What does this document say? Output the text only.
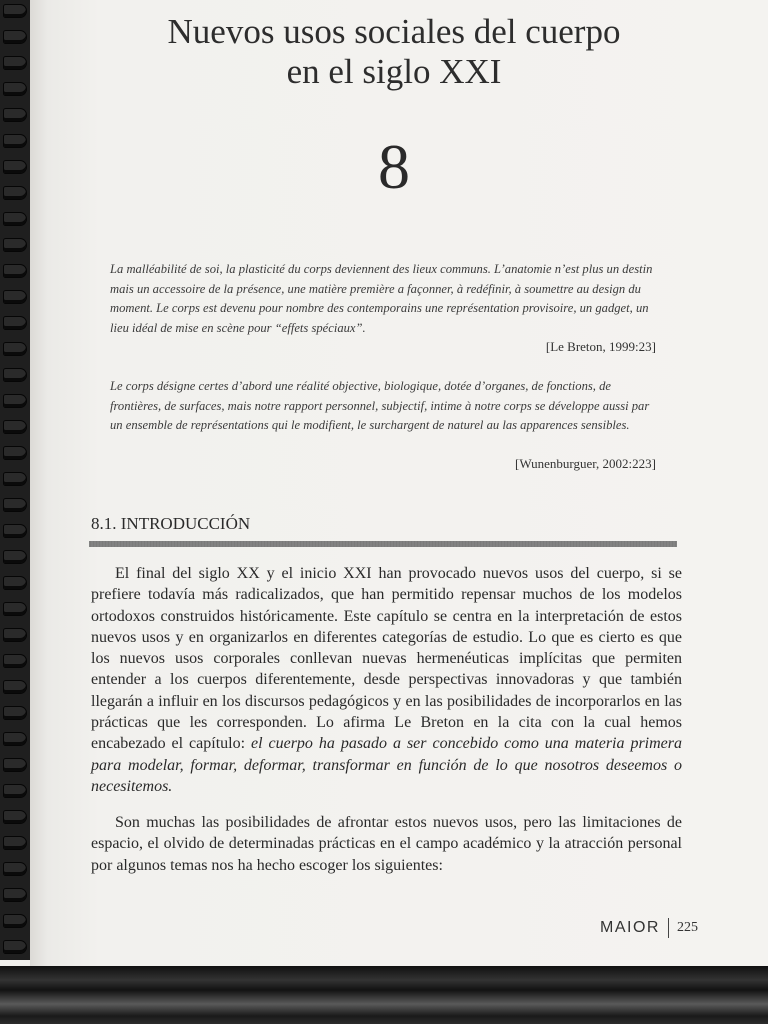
Nuevos usos sociales del cuerpo
en el siglo XXI
8

La malléabilité de soi, la plasticité du corps deviennent des lieux communs. L’anatomie n’est plus un destin mais un accessoire de la présence, une matière première a façonner, à redéfinir, à soumettre au design du moment. Le corps est devenu pour nombre des contemporains une représentation provisoire, un gadget, un lieu idéal de mise en scène pour “effets spéciaux”.

[Le Breton, 1999:23]

Le corps désigne certes d’abord une réalité objective, biologique, dotée d’organes, de fonctions, de frontières, de surfaces, mais notre rapport personnel, subjectif, intime à notre corps se développe aussi par un ensemble de représentations qui le modifient, le surchargent de naturel au las apparences sensibles.

[Wunenburguer, 2002:223]
8.1. INTRODUCCIÓN

El final del siglo XX y el inicio XXI han provocado nuevos usos del cuerpo, si se prefiere todavía más radicalizados, que han permitido repensar muchos de los modelos ortodoxos construidos históricamente. Este capítulo se centra en la interpretación de estos nuevos usos y en organizarlos en diferentes categorías de estudio. Lo que es cierto es que los nuevos usos corporales conllevan nuevas hermenéuticas implícitas que permiten entender a los cuerpos diferentemente, desde perspectivas innovadoras y que también llegarán a influir en los discursos pedagógicos y en las posibilidades de incorporarlos en las prácticas que les corresponden. Lo afirma Le Breton en la cita con la cual hemos encabezado el capítulo: el cuerpo ha pasado a ser concebido como una materia primera para modelar, formar, deformar, transformar en función de lo que nosotros deseemos o necesitemos.

Son muchas las posibilidades de afrontar estos nuevos usos, pero las limitaciones de espacio, el olvido de determinadas prácticas en el campo académico y la atracción personal por algunos temas nos ha hecho escoger los siguientes:

MAIOR 225
